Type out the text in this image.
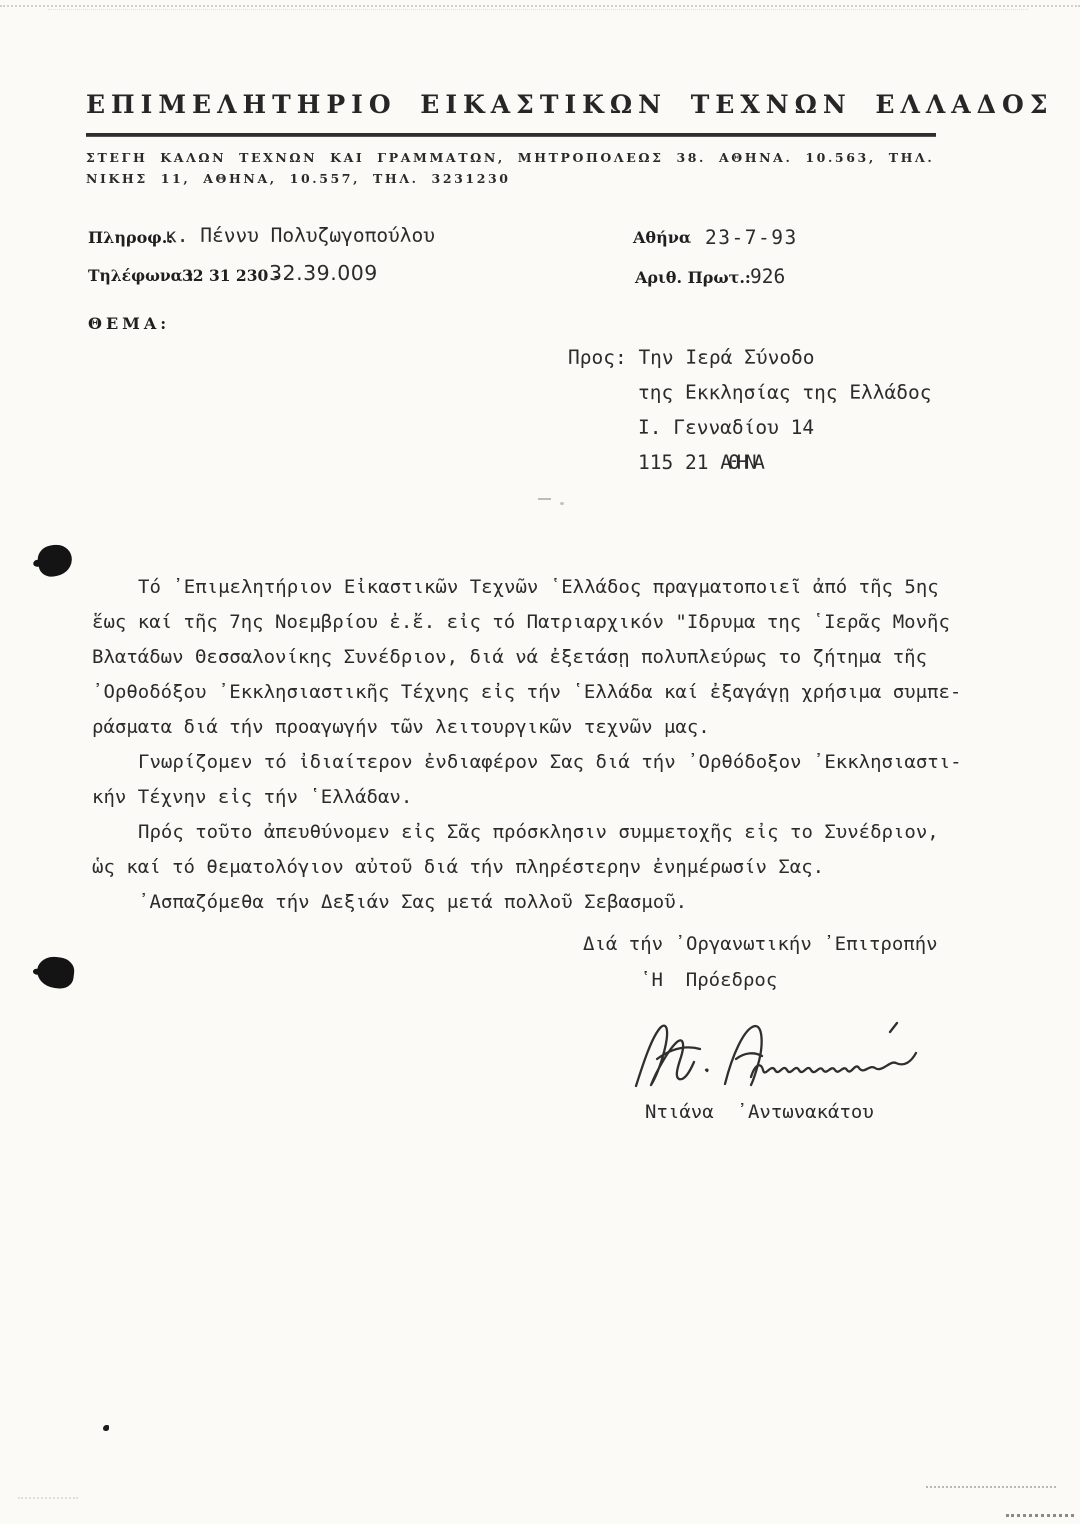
ΕΠΙΜΕΛΗΤΗΡΙΟ ΕΙΚΑΣΤΙΚΩΝ ΤΕΧΝΩΝ ΕΛΛΑΔΟΣ
ΣΤΕΓΗ ΚΑΛΩΝ ΤΕΧΝΩΝ ΚΑΙ ΓΡΑΜΜΑΤΩΝ, ΜΗΤΡΟΠΟΛΕΩΣ 38. ΑΘΗΝΑ. 10.563, ΤΗΛ.
ΝΙΚΗΣ 11, ΑΘΗΝΑ, 10.557, ΤΗΛ. 3231230
Πληροφ.:
κ. Πέννυ Πολυζωγοπούλου
Τηλέφωνα :
32 31 230 -
.32.39.009
Αθήνα 23-7-93
Αριθ. Πρωτ.: 926
ΘΕΜΑ:
Προς: Την Ιερά Σύνοδο
της Εκκλησίας της Ελλάδος
Ι. Γενναδίου 14
115 21 ΑΘΗΝΑ
Τό ᾿Επιμελητήριον Εἰκαστικῶν Τεχνῶν ῾Ελλάδος πραγματοποιεῖ ἀπό τῆς 5ης
ἕως καί τῆς 7ης Νοεμβρίου ἐ.ἔ. εἰς τό Πατριαρχικόν "Ιδρυμα της ῾Ιερᾶς Μονῆς
Βλατάδων Θεσσαλονίκης Συνέδριον, διά νά ἐξετάσῃ πολυπλεύρως το ζήτημα τῆς
᾿Ορθοδόξου ᾿Εκκλησιαστικῆς Τέχνης εἰς τήν ῾Ελλάδα καί ἐξαγάγῃ χρήσιμα συμπε-
ράσματα διά τήν προαγωγήν τῶν λειτουργικῶν τεχνῶν μας.
Γνωρίζομεν τό ἰδιαίτερον ἐνδιαφέρον Σας διά τήν ᾿Ορθόδοξον ᾿Εκκλησιαστι-
κήν Τέχνην εἰς τήν ῾Ελλάδαν.
Πρός τοῦτο ἀπευθύνομεν εἰς Σᾶς πρόσκλησιν συμμετοχῆς εἰς το Συνέδριον,
ὡς καί τό θεματολόγιον αὐτοῦ διά τήν πληρέστερην ἐνημέρωσίν Σας.
᾿Ασπαζόμεθα τήν Δεξιάν Σας μετά πολλοῦ Σεβασμοῦ.
Διά τήν ᾿Οργανωτικήν ᾿Επιτροπήν
῾Η  Πρόεδρος
Ντιάνα  ᾿Αντωνακάτου
